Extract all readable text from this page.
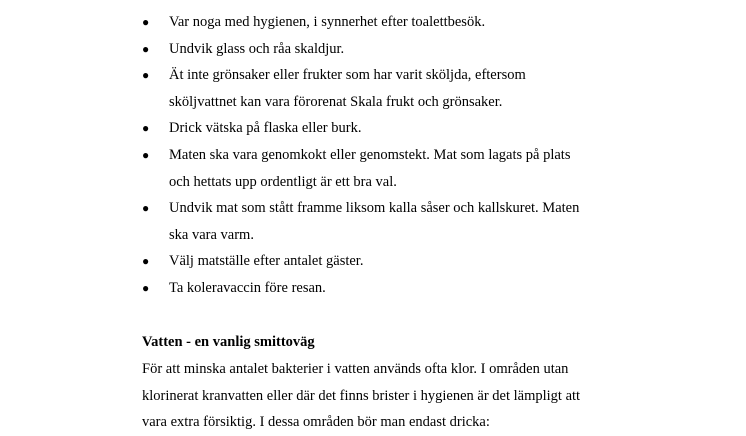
● Var noga med hygienen, i synnerhet efter toalettbesök.
● Undvik glass och råa skaldjur.
● Ät inte grönsaker eller frukter som har varit sköljda, eftersom
sköljvattnet kan vara förorenat Skala frukt och grönsaker.
● Drick vätska på flaska eller burk.
● Maten ska vara genomkokt eller genomstekt. Mat som lagats på plats
och hettats upp ordentligt är ett bra val.
● Undvik mat som stått framme liksom kalla såser och kallskuret. Maten
ska vara varm.
● Välj matställe efter antalet gäster.
● Ta koleravaccin före resan.

Vatten - en vanlig smittoväg

För att minska antalet bakterier i vatten används ofta klor. I områden utan
klorinerat kranvatten eller där det finns brister i hygienen är det lämpligt att
vara extra försiktig. I dessa områden bör man endast dricka:
